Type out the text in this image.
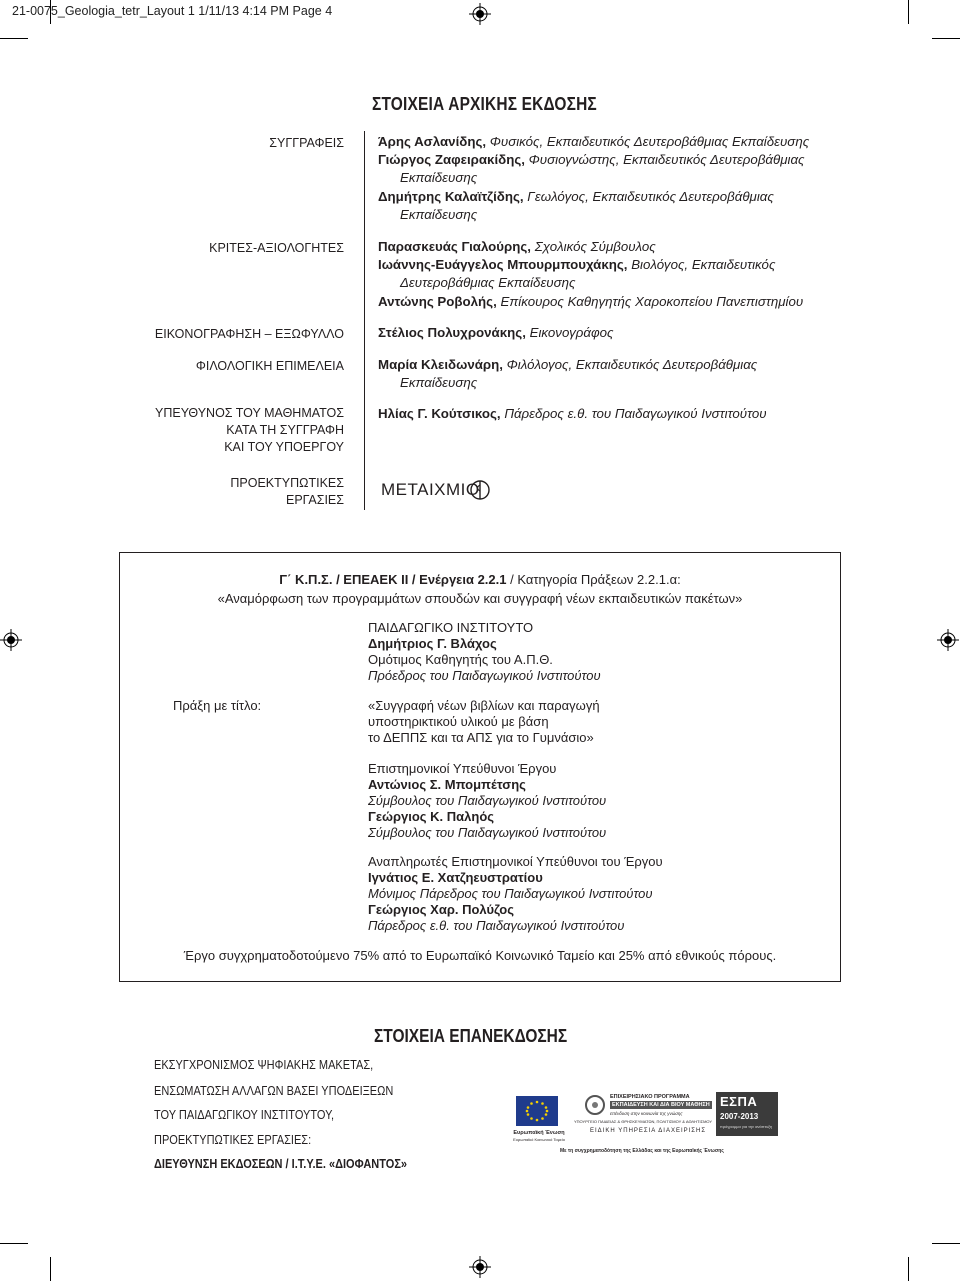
21-0075_Geologia_tetr_Layout 1 1/11/13 4:14 PM Page 4
ΣΤΟΙΧΕΙΑ ΑΡΧΙΚΗΣ ΕΚΔΟΣΗΣ
ΣΥΓΓΡΑΦΕΙΣ
ΚΡΙΤΕΣ-ΑΞΙΟΛΟΓΗΤΕΣ
ΕΙΚΟΝΟΓΡΑΦΗΣΗ – ΕΞΩΦΥΛΛΟ
ΦΙΛΟΛΟΓΙΚΗ ΕΠΙΜΕΛΕΙΑ
ΥΠΕΥΘΥΝΟΣ ΤΟΥ ΜΑΘΗΜΑΤΟΣ
ΚΑΤΑ ΤΗ ΣΥΓΓΡΑΦΗ
ΚΑΙ ΤΟΥ ΥΠΟΕΡΓΟΥ
ΠΡΟΕΚΤΥΠΩΤΙΚΕΣ
ΕΡΓΑΣΙΕΣ
Άρης Ασλανίδης, Φυσικός, Εκπαιδευτικός Δευτεροβάθμιας Εκπαίδευσης
Γιώργος Ζαφειρακίδης, Φυσιογνώστης, Εκπαιδευτικός Δευτεροβάθμιας
Εκπαίδευσης
Δημήτρης Καλαϊτζίδης, Γεωλόγος, Εκπαιδευτικός Δευτεροβάθμιας
Εκπαίδευσης
Παρασκευάς Γιαλούρης, Σχολικός Σύμβουλος
Ιωάννης-Ευάγγελος Μπουρμπουχάκης, Βιολόγος, Εκπαιδευτικός
Δευτεροβάθμιας Εκπαίδευσης
Αντώνης Ροβολής, Επίκουρος Καθηγητής Χαροκοπείου Πανεπιστημίου
Στέλιος Πολυχρονάκης, Εικονογράφος
Μαρία Κλειδωνάρη, Φιλόλογος, Εκπαιδευτικός Δευτεροβάθμιας
Εκπαίδευσης
Ηλίας Γ. Κούτσικος, Πάρεδρος ε.θ. του Παιδαγωγικού Ινστιτούτου
ΜΕΤΑΙΧΜΙΟ
Γ΄ Κ.Π.Σ. / ΕΠΕΑΕΚ ΙΙ / Ενέργεια 2.2.1 / Κατηγορία Πράξεων 2.2.1.α:
«Αναμόρφωση των προγραμμάτων σπουδών και συγγραφή νέων εκπαιδευτικών πακέτων»
ΠΑΙΔΑΓΩΓΙΚΟ ΙΝΣΤΙΤΟΥΤΟ
Δημήτριος Γ. Βλάχος
Ομότιμος Καθηγητής του Α.Π.Θ.
Πρόεδρος του Παιδαγωγικού Ινστιτούτου
Πράξη με τίτλο:	«Συγγραφή νέων βιβλίων και παραγωγή
υποστηρικτικού υλικού με βάση
το ΔΕΠΠΣ και τα ΑΠΣ για το Γυμνάσιο»
Επιστημονικοί Υπεύθυνοι Έργου
Αντώνιος Σ. Μπομπέτσης
Σύμβουλος του Παιδαγωγικού Ινστιτούτου
Γεώργιος Κ. Παληός
Σύμβουλος του Παιδαγωγικού Ινστιτούτου
Αναπληρωτές Επιστημονικοί Υπεύθυνοι του Έργου
Ιγνάτιος Ε. Χατζηευστρατίου
Μόνιμος Πάρεδρος του Παιδαγωγικού Ινστιτούτου
Γεώργιος Χαρ. Πολύζος
Πάρεδρος ε.θ. του Παιδαγωγικού Ινστιτούτου
Έργο συγχρηματοδοτούμενο 75% από το Ευρωπαϊκό Κοινωνικό Ταμείο και 25% από εθνικούς πόρους.
ΣΤΟΙΧΕΙΑ ΕΠΑΝΕΚΔΟΣΗΣ
ΕΚΣΥΓΧΡΟΝΙΣΜΟΣ ΨΗΦΙΑΚΗΣ ΜΑΚΕΤΑΣ,
ΕΝΣΩΜΑΤΩΣΗ ΑΛΛΑΓΩΝ ΒΑΣΕΙ ΥΠΟΔΕΙΞΕΩΝ
ΤΟΥ ΠΑΙΔΑΓΩΓΙΚΟΥ ΙΝΣΤΙΤΟΥΤΟΥ,
ΠΡΟΕΚΤΥΠΩΤΙΚΕΣ ΕΡΓΑΣΙΕΣ:
ΔΙΕΥΘΥΝΣΗ ΕΚΔΟΣΕΩΝ / Ι.Τ.Υ.Ε. «ΔΙΟΦΑΝΤΟΣ»
Ευρωπαϊκή Ένωση
Ευρωπαϊκό Κοινωνικό Ταμείο
ΕΠΙΧΕΙΡΗΣΙΑΚΟ ΠΡΟΓΡΑΜΜΑ
ΕΚΠΑΙΔΕΥΣΗ ΚΑΙ ΔΙΑ ΒΙΟΥ ΜΑΘΗΣΗ
επένδυση στην κοινωνία της γνώσης
ΥΠΟΥΡΓΕΙΟ ΠΑΙΔΕΙΑΣ & ΘΡΗΣΚΕΥΜΑΤΩΝ, ΠΟΛΙΤΙΣΜΟΥ & ΑΘΛΗΤΙΣΜΟΥ
ΕΙΔΙΚΗ ΥΠΗΡΕΣΙΑ ΔΙΑΧΕΙΡΙΣΗΣ
ΕΣΠΑ
2007-2013
πρόγραμμα για την ανάπτυξη
Με τη συγχρηματοδότηση της Ελλάδας και της Ευρωπαϊκής Ένωσης
